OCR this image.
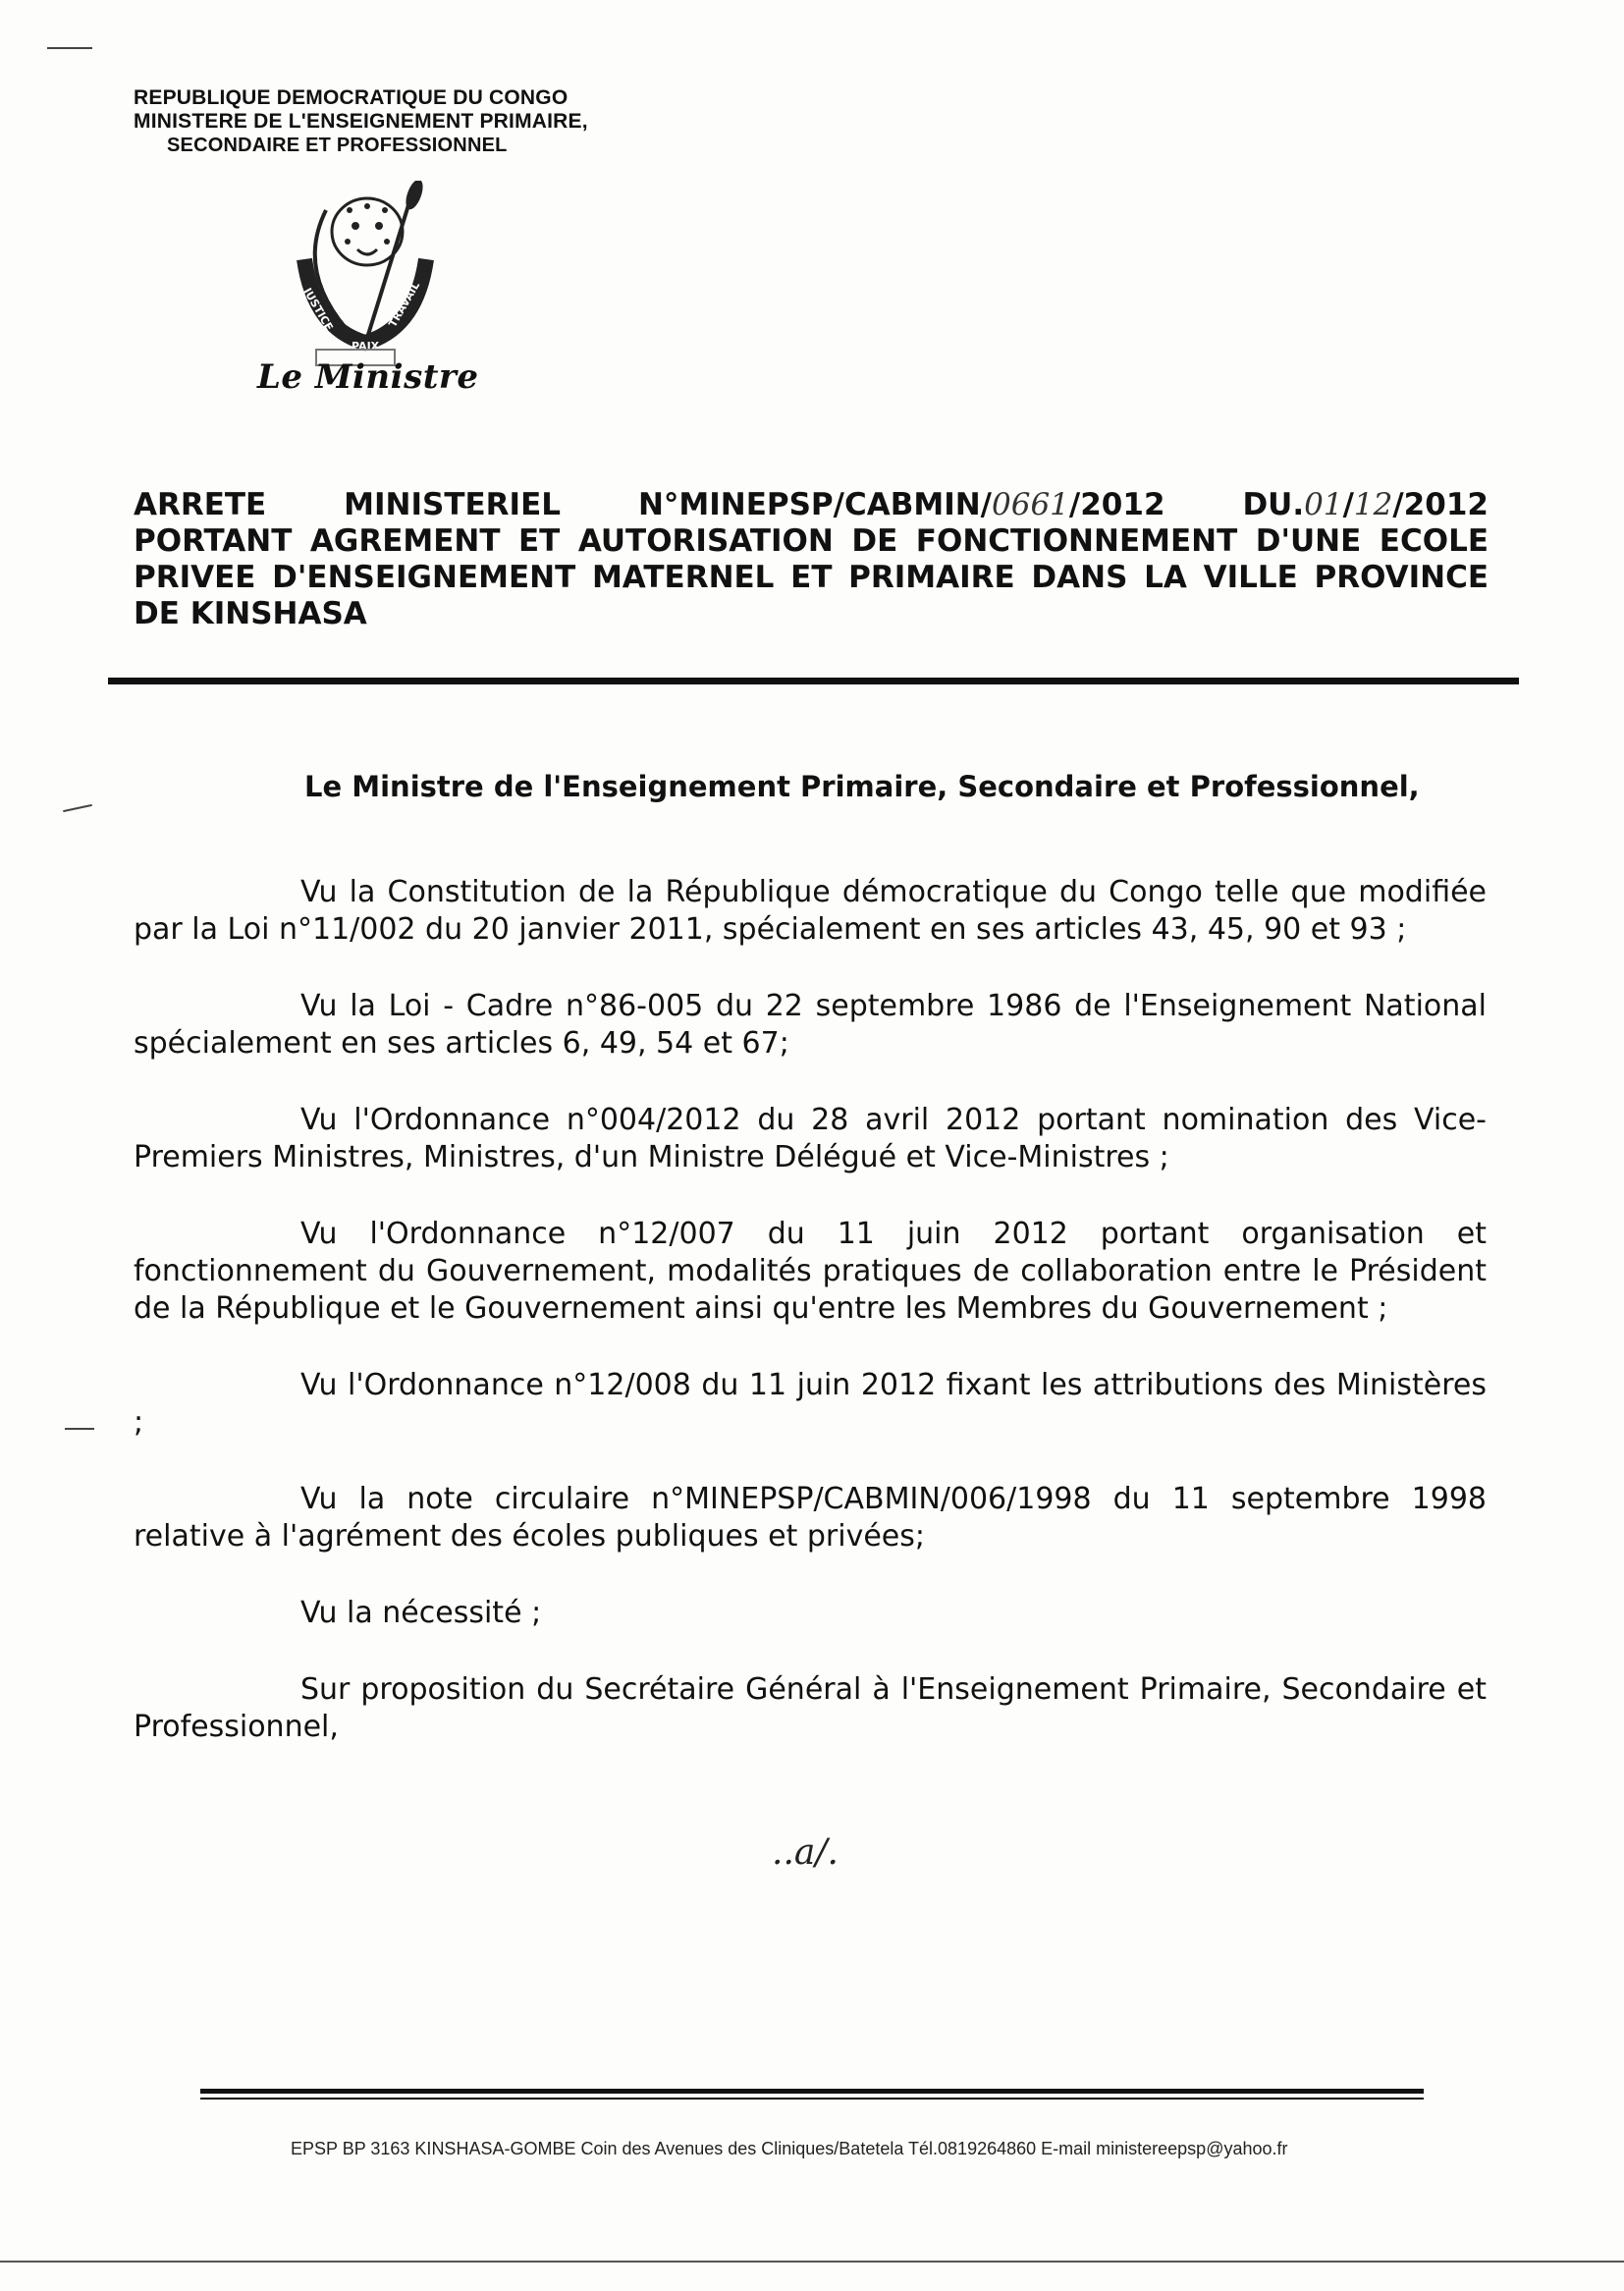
REPUBLIQUE DEMOCRATIQUE DU CONGO
MINISTERE DE L'ENSEIGNEMENT PRIMAIRE,
SECONDAIRE ET PROFESSIONNEL
JUSTICE
PAIX
TRAVAIL
Le Ministre
ARRETE	MINISTERIEL	N°MINEPSP/CABMIN/0661/2012	DU.01/12/2012
PORTANT AGREMENT ET AUTORISATION DE FONCTIONNEMENT D'UNE ECOLE
PRIVEE D'ENSEIGNEMENT MATERNEL ET PRIMAIRE DANS LA VILLE PROVINCE
DE KINSHASA
Le Ministre de l'Enseignement Primaire, Secondaire et Professionnel,

Vu la Constitution de la République démocratique du Congo telle que modifiée par la Loi n°11/002 du 20 janvier 2011, spécialement en ses articles 43, 45, 90 et 93 ;

Vu la Loi - Cadre n°86-005 du 22 septembre 1986 de l'Enseignement National spécialement en ses articles 6, 49, 54 et 67;

Vu l'Ordonnance n°004/2012 du 28 avril 2012 portant nomination des Vice-Premiers Ministres, Ministres, d'un Ministre Délégué et Vice-Ministres ;

Vu l'Ordonnance n°12/007 du 11 juin 2012 portant organisation et fonctionnement du Gouvernement, modalités pratiques de collaboration entre le Président de la République et le Gouvernement ainsi qu'entre les Membres du Gouvernement ;

Vu l'Ordonnance n°12/008 du 11 juin 2012 fixant les attributions des Ministères ;

Vu la note circulaire n°MINEPSP/CABMIN/006/1998 du 11 septembre 1998 relative à l'agrément des écoles publiques et privées;

Vu la nécessité ;

Sur proposition du Secrétaire Général à l'Enseignement Primaire, Secondaire et Professionnel,

..a/.
EPSP BP 3163 KINSHASA-GOMBE Coin des Avenues des Cliniques/Batetela Tél.0819264860 E-mail ministereepsp@yahoo.fr
